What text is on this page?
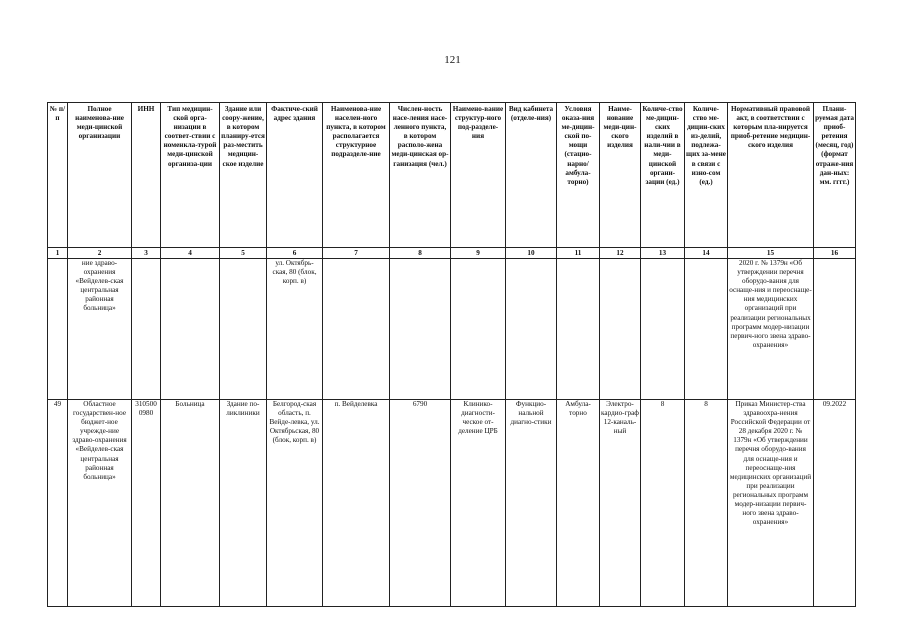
121
№ п/п	Полное наименова-ние меди-цинской организации	ИНН	Тип медицин-ской орга-низации в соответ-ствии с номенкла-турой меди-цинской организа-ции	Здание или соору-жение, в котором планиру-ется раз-местить медицин-ское изделие	Фактиче-ский адрес здания	Наименова-ние населен-ного пункта, в котором располагается структурное подразделе-ние	Числен-ность насе-ления насе-ленного пункта, в котором располо-жена меди-цинская ор-ганизация (чел.)	Наимено-вание структур-ного под-разделе-ния	Вид кабинета (отделе-ния)	Условия оказа-ния ме-дицин-ской по-мощи (стацио-нарно/ амбула-торно)	Наиме-нование меди-цин-ского изделия	Количе-ство ме-дицин-ских изделий в нали-чии в меди-цинской органи-зации (ед.)	Количе-ство ме-дицин-ских из-делий, подлежа-щих за-мене в связи с изно-сом (ед.)	Нормативный правовой акт, в соответствии с которым пла-нируется приоб-ретение медицин-ского изделия	Плани-руемая дата приоб-ретения (месяц, год) (формат отраже-ния дан-ных: мм. гггг.)
1	2	3	4	5	6	7	8	9	10	11	12	13	14	15	16
	ние здраво-охранения «Вейделев-ская центральная районная больница»				ул. Октябрь-ская, 80 (блок, корп. в)									2020 г. № 1379н «Об утверждении перечня оборудо-вания для оснаще-ния и переоснаще-ния медицинских организаций при реализации региональных программ модер-низации первич-ного звена здраво-охранения»	
49	Областное государствен-ное бюджет-ное учрежде-ние здраво-охранения «Вейделев-ская центральная районная больница»	310500 0980	Больница	Здание по-ликлиники	Белгород-ская область, п. Вейде-левка, ул. Октябрьская, 80 (блок, корп. в)	п. Вейделевка	6790	Клинико-диагности-ческое от-деление ЦРБ	Функцио-нальной диагно-стики	Амбула-торно	Электро-кардио-граф 12-каналь-ный	8	8	Приказ Министер-ства здравоохра-нения Российской Федерации от 28 декабря 2020 г. № 1379н «Об утверждении перечня оборудо-вания для оснаще-ния и переоснаще-ния медицинских организаций при реализации региональных программ модер-низации первич-ного звена здраво-охранения»	09.2022
